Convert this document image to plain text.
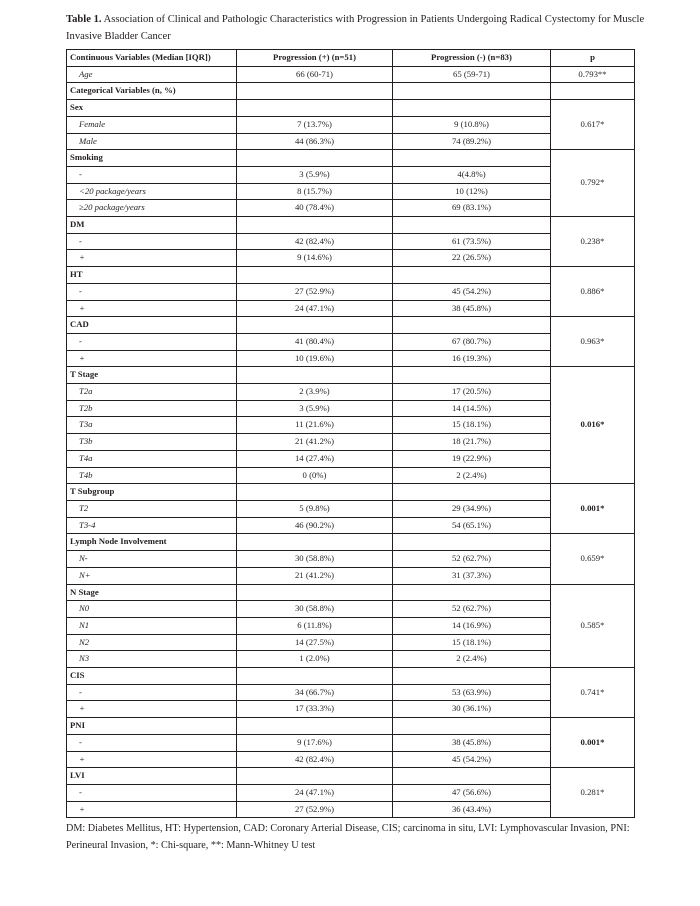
Table 1. Association of Clinical and Pathologic Characteristics with Progression in Patients Undergoing Radical Cystectomy for Muscle Invasive Bladder Cancer
Continuous Variables (Median [IQR])	Progression (+) (n=51)	Progression (-) (n=83)	p
Age	66 (60-71)	65 (59-71)	0.793**
Categorical Variables (n, %)			
Sex			0.617*
Female	7 (13.7%)	9 (10.8%)	
Male	44 (86.3%)	74 (89.2%)	
Smoking			0.792*
-	3 (5.9%)	4(4.8%)	
<20 package/years	8 (15.7%)	10 (12%)	
≥20 package/years	40 (78.4%)	69 (83.1%)	
DM			0.238*
-	42 (82.4%)	61 (73.5%)	
+	9 (14.6%)	22 (26.5%)	
HT			0.886*
-	27 (52.9%)	45 (54.2%)	
+	24 (47.1%)	38 (45.8%)	
CAD			0.963*
-	41 (80.4%)	67 (80.7%)	
+	10 (19.6%)	16 (19.3%)	
T Stage			0.016*
T2a	2 (3.9%)	17 (20.5%)	
T2b	3 (5.9%)	14 (14.5%)	
T3a	11 (21.6%)	15 (18.1%)	
T3b	21 (41.2%)	18 (21.7%)	
T4a	14 (27.4%)	19 (22.9%)	
T4b	0 (0%)	2 (2.4%)	
T Subgroup			0.001*
T2	5 (9.8%)	29 (34.9%)	
T3-4	46 (90.2%)	54 (65.1%)	
Lymph Node Involvement			0.659*
N-	30 (58.8%)	52 (62.7%)	
N+	21 (41.2%)	31 (37.3%)	
N Stage			0.585*
N0	30 (58.8%)	52 (62.7%)	
N1	6 (11.8%)	14 (16.9%)	
N2	14 (27.5%)	15 (18.1%)	
N3	1 (2.0%)	2 (2.4%)	
CIS			0.741*
-	34 (66.7%)	53 (63.9%)	
+	17 (33.3%)	30 (36.1%)	
PNI			0.001*
-	9 (17.6%)	38 (45.8%)	
+	42 (82.4%)	45 (54.2%)	
LVI			0.281*
-	24 (47.1%)	47 (56.6%)	
+	27 (52.9%)	36 (43.4%)	
DM: Diabetes Mellitus, HT: Hypertension, CAD: Coronary Arterial Disease, CIS; carcinoma in situ, LVI: Lymphovascular Invasion, PNI: Perineural Invasion, *: Chi-square, **: Mann-Whitney U test
